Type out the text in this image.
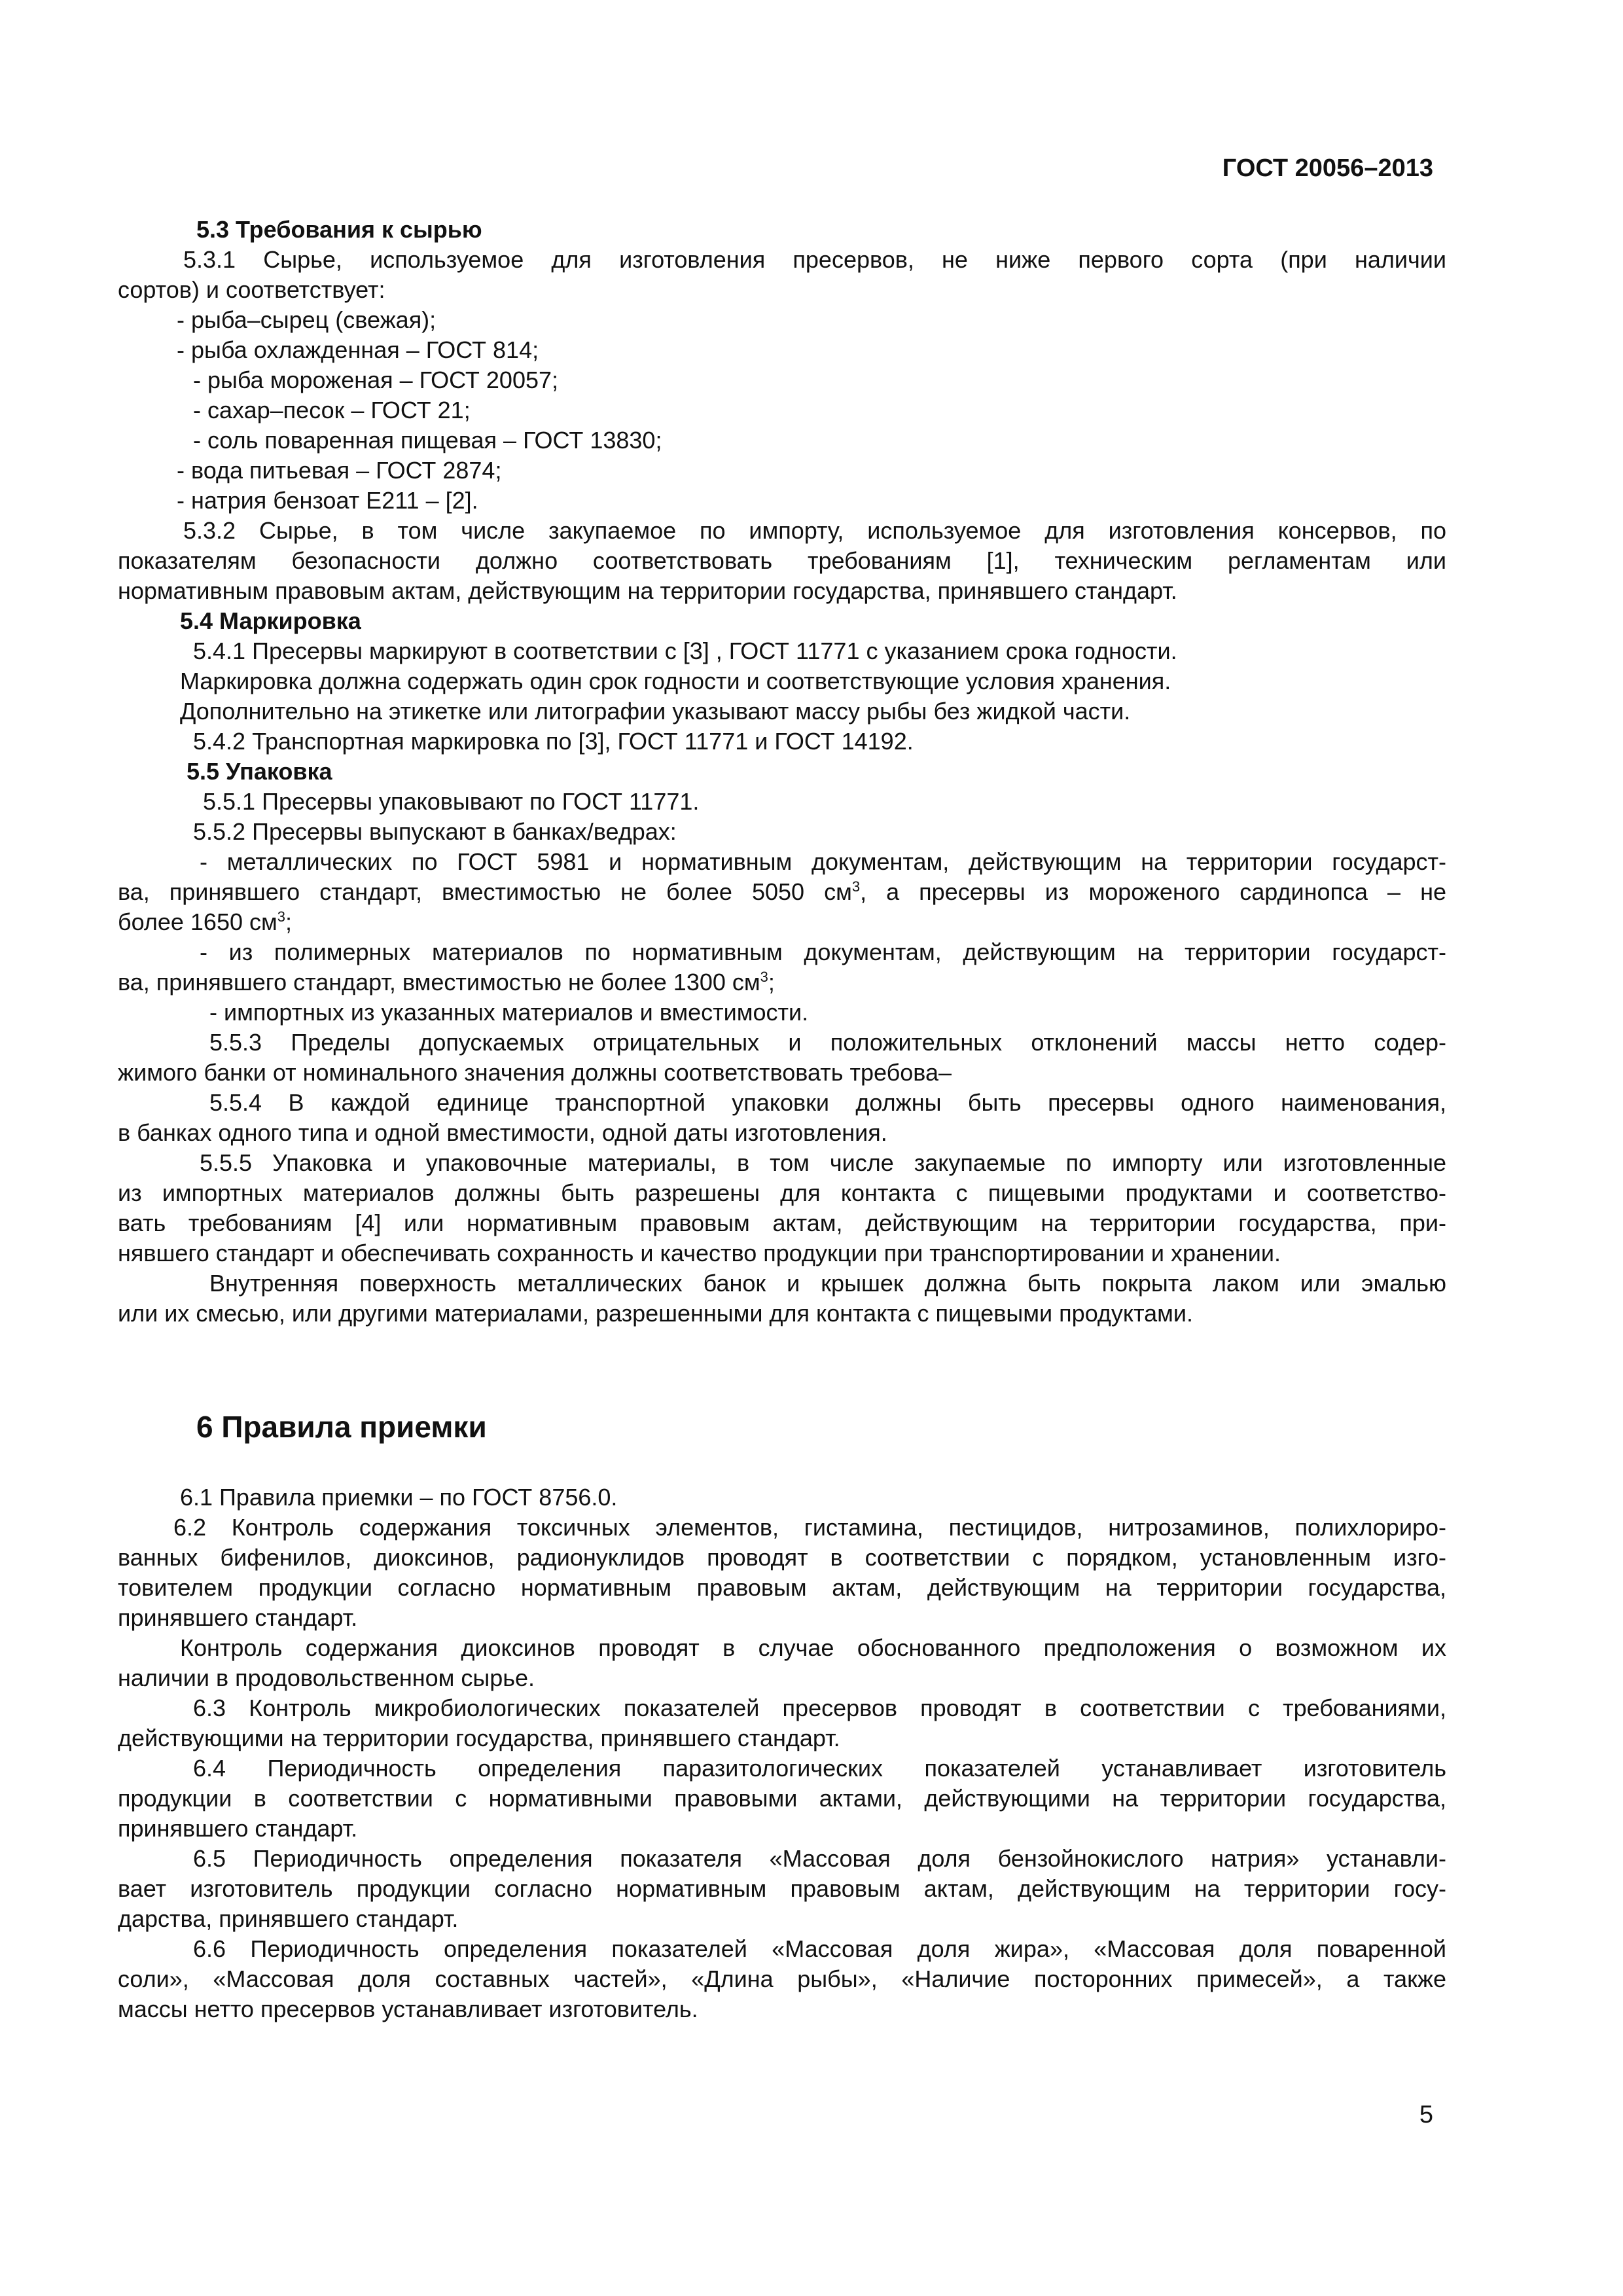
ГОСТ 20056–2013
5.3 Требования к сырью
5.3.1 Сырье, используемое для изготовления пресервов, не ниже первого сорта (при наличии
сортов) и соответствует:
- рыба–сырец (свежая);
- рыба охлажденная – ГОСТ 814;
- рыба мороженая – ГОСТ 20057;
- сахар–песок – ГОСТ 21;
- соль поваренная пищевая – ГОСТ 13830;
- вода питьевая – ГОСТ 2874;
- натрия бензоат Е211 – [2].
5.3.2 Сырье, в том числе закупаемое по импорту, используемое для изготовления консервов, по
показателям безопасности должно соответствовать требованиям [1], техническим регламентам или
нормативным правовым актам, действующим на территории государства, принявшего стандарт.
5.4 Маркировка
5.4.1 Пресервы маркируют в соответствии с [3] , ГОСТ 11771 с указанием срока годности.
Маркировка должна содержать один срок годности и соответствующие условия хранения.
Дополнительно на этикетке или литографии указывают массу рыбы без жидкой части.
5.4.2 Транспортная маркировка по [3], ГОСТ 11771 и ГОСТ 14192.
5.5 Упаковка
5.5.1 Пресервы упаковывают по ГОСТ 11771.
5.5.2 Пресервы выпускают в банках/ведрах:
- металлических по ГОСТ 5981 и нормативным документам, действующим на территории государст-
ва, принявшего стандарт, вместимостью не более 5050 $см^3$, а пресервы из мороженого сардинопса – не
более 1650 $см^3$;
- из полимерных материалов по нормативным документам, действующим на территории государст-
ва, принявшего стандарт, вместимостью не более 1300 $см^3$;
- импортных из указанных материалов и вместимости.
5.5.3 Пределы допускаемых отрицательных и положительных отклонений массы нетто содер-
жимого банки от номинального значения должны соответствовать требова–
5.5.4 В каждой единице транспортной упаковки должны быть пресервы одного наименования,
в банках одного типа и одной вместимости, одной даты изготовления.
5.5.5 Упаковка и упаковочные материалы, в том числе закупаемые по импорту или изготовленные
из импортных материалов должны быть разрешены для контакта с пищевыми продуктами и соответство-
вать требованиям [4] или нормативным правовым актам, действующим на территории государства, при-
нявшего стандарт и обеспечивать сохранность и качество продукции при транспортировании и хранении.
Внутренняя поверхность металлических банок и крышек должна быть покрыта лаком или эмалью
или их смесью, или другими материалами, разрешенными для контакта с пищевыми продуктами.
6 Правила приемки
6.1 Правила приемки – по ГОСТ 8756.0.
6.2 Контроль содержания токсичных элементов, гистамина, пестицидов, нитрозаминов, полихлориро-
ванных бифенилов, диоксинов, радионуклидов проводят в соответствии с порядком, установленным изго-
товителем продукции согласно нормативным правовым актам, действующим на территории государства,
принявшего стандарт.
Контроль содержания диоксинов проводят в случае обоснованного предположения о возможном их
наличии в продовольственном сырье.
6.3 Контроль микробиологических показателей пресервов проводят в соответствии с требованиями,
действующими на территории государства, принявшего стандарт.
6.4 Периодичность определения паразитологических показателей устанавливает изготовитель
продукции в соответствии с нормативными правовыми актами, действующими на территории государства,
принявшего стандарт.
6.5 Периодичность определения показателя «Массовая доля бензойнокислого натрия» устанавли-
вает изготовитель продукции согласно нормативным правовым актам, действующим на территории госу-
дарства, принявшего стандарт.
6.6 Периодичность определения показателей «Массовая доля жира», «Массовая доля поваренной
соли», «Массовая доля составных частей», «Длина рыбы», «Наличие посторонних примесей», а также
массы нетто пресервов устанавливает изготовитель.
5
